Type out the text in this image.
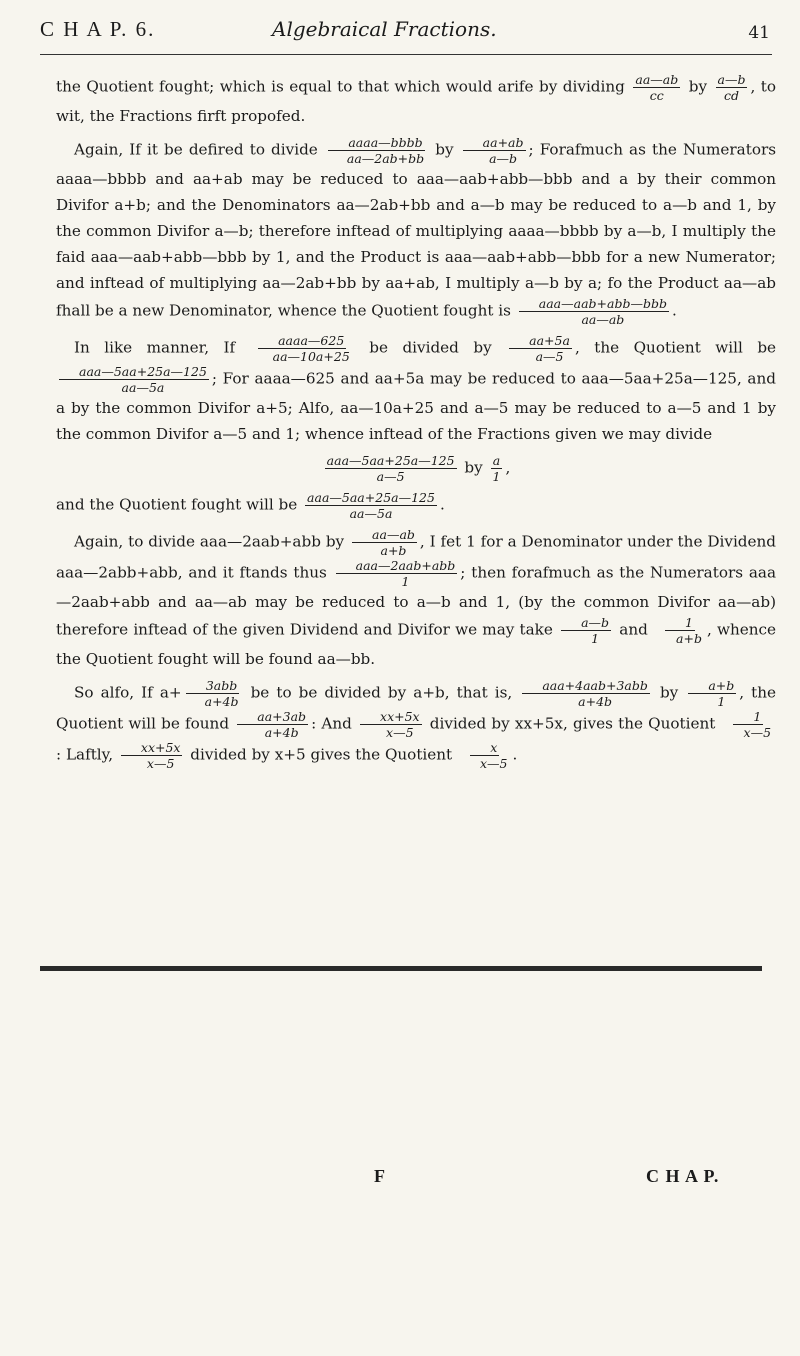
C H A P. 6.	Algebraical Fractions.	41

the Quotient fought; which is equal to that which would arife by dividing $\frac{aa—ab}{cc}$ by $\frac{a—b}{cd}$ , to wit, the Fractions firft propofed.

Again, If it be defired to divide	aaaa—bbbb
aa—2ab+bb by $\frac{aa+ab}{a—b}$ ; Forafmuch as the Numerators aaaa—bbbb and aa+ab may be reduced to aaa—aab+abb—bbb and a by their common Divifor a+b; and the Denominators aa—2ab+bb and a—b may be reduced to a—b and 1, by the common Divifor a—b; therefore inftead of multiplying aaaa—bbbb by a—b, I multiply the faid aaa—aab+abb—bbb by 1, and the Product is aaa—aab+abb—bbb for a new Numerator; and inftead of multiplying aa—2ab+bb by aa+ab, I multiply a—b by a; fo the Product aa—ab fhall be a new Denominator, whence the Quotient fought is	aaa—aab+abb—bbb
aa—ab	.

In like manner, If	aaaa—625
aa—10a+25 be divided by $\frac{aa+5a}{a—5}$ , the Quotient will be
aaa—5aa+25a—125
aa—5a	; For aaaa—625 and aa+5a may be reduced to aaa—5aa+25a—125, and a by the common Divifor a+5; Alfo, aa—10a+25 and a—5 may be reduced to a—5 and 1 by the common Divifor a—5 and 1; whence inftead of the Fractions given we may divide

aaa—5aa+25a—125
a—5	by $\frac{a}{1}$ ,

and the Quotient fought will be aaa—5aa+25a—125
aa—5a	.

Again, to divide aaa—2aab+abb by $\frac{aa—ab}{a+b}$ , I fet 1 for a Denominator under the Dividend aaa—2abb+abb, and it ftands thus	aaa—2aab+abb
1	; then forafmuch as the Numerators aaa—2aab+abb and aa—ab may be reduced to a—b and 1, (by the common Divifor aa—ab) therefore inftead of the given Dividend and Divifor we may take $\frac{a—b}{1}$ and $\frac{1}{a+b}$ , whence the Quotient fought will be found aa—bb.

So alfo, If a+	3abb
a+4b be to be divided by a+b, that is,	aaa+4aab+3abb
a+4b	by $\frac{a+b}{1}$ , the Quotient will be found $\frac{aa+3ab}{a+4b}$ : And $\frac{xx+5x}{x—5}$ divided by xx+5x, gives the Quotient $\frac{1}{x—5}$
: Laftly, $\frac{xx+5x}{x—5}$ divided by x+5 gives the Quotient $\frac{x}{x—5}$ .

F	C H A P.
